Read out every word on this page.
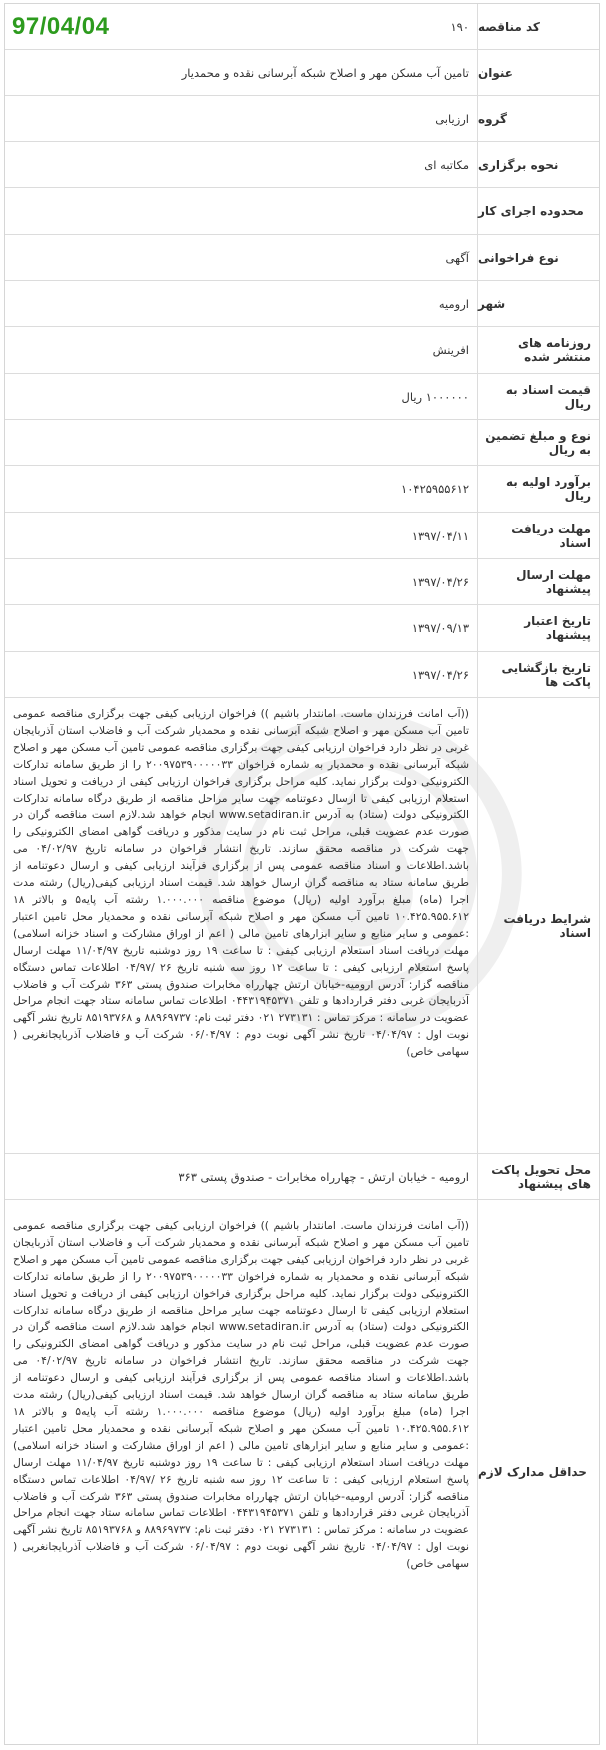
کد مناقصه
۱۹۰
عنوان
تامین آب مسکن مهر و اصلاح شبکه آبرسانی نقده و محمدیار
گروه
ارزیابی
نحوه برگزاری
مکاتبه ای
محدوده اجرای کار
نوع فراخوانی
آگهی
شهر
ارومیه
روزنامه های منتشر شده
افرینش
قیمت اسناد به ریال
۱۰۰۰۰۰۰ ریال
نوع و مبلغ تضمین به ریال
برآورد اولیه به ریال
۱۰۴۲۵۹۵۵۶۱۲
مهلت دریافت اسناد
۱۳۹۷/۰۴/۱۱
مهلت ارسال پیشنهاد
۱۳۹۷/۰۴/۲۶
تاریخ اعتبار پیشنهاد
۱۳۹۷/۰۹/۱۳
تاریخ بازگشایی پاکت ها
۱۳۹۷/۰۴/۲۶
شرایط دریافت اسناد
((آب امانت فرزندان ماست. امانتدار باشیم )) فراخوان ارزیابی کیفی جهت برگزاری مناقصه عمومی تامین آب مسکن مهر و اصلاح شبکه آبرسانی نقده و محمدیار شرکت آب و فاضلاب استان آذربایجان غربی در نظر دارد فراخوان ارزیابی کیفی جهت برگزاری مناقصه عمومی تامین آب مسکن مهر و اصلاح شبکه آبرسانی نقده و محمدیار به شماره فراخوان ۲۰۰۹۷۵۳۹۰۰۰۰۰۳۳ را از طریق سامانه تدارکات الکترونیکی دولت برگزار نماید. کلیه مراحل برگزاری فراخوان ارزیابی کیفی از دریافت و تحویل اسناد استعلام ارزیابی کیفی تا ارسال دعوتنامه جهت سایر مراحل مناقصه از طریق درگاه سامانه تدارکات الکترونیکی دولت (ستاد) به آدرس www.setadiran.ir انجام خواهد شد.لازم است مناقصه گران در صورت عدم عضویت قبلی، مراحل ثبت نام در سایت مذکور و دریافت گواهی امضای الکترونیکی را جهت شرکت در مناقصه محقق سازند. تاریخ انتشار فراخوان در سامانه تاریخ ۰۴/۰۲/۹۷ می باشد.اطلاعات و اسناد مناقصه عمومی پس از برگزاری فرآیند ارزیابی کیفی و ارسال دعوتنامه از طریق سامانه ستاد به مناقصه گران ارسال خواهد شد. قیمت اسناد ارزیابی کیفی(ریال) رشته مدت اجرا (ماه) مبلغ برآورد اولیه (ریال) موضوع مناقصه ۱.۰۰۰.۰۰۰ رشته آب پایه۵ و بالاتر ۱۸ ۱۰.۴۲۵.۹۵۵.۶۱۲ تامین آب مسکن مهر و اصلاح شبکه آبرسانی نقده و محمدیار محل تامین اعتبار :عمومی و سایر منابع و سایر ابزارهای تامین مالی ( اعم از اوراق مشارکت و اسناد خزانه اسلامی) مهلت دریافت اسناد استعلام ارزیابی کیفی : تا ساعت ۱۹ روز دوشنبه تاریخ ۱۱/۰۴/۹۷ مهلت ارسال پاسخ استعلام ارزیابی کیفی : تا ساعت ۱۲ روز سه شنبه تاریخ ۲۶ /۰۴/۹۷ اطلاعات تماس دستگاه مناقصه گزار: آدرس ارومیه-خیابان ارتش چهارراه مخابرات صندوق پستی ۳۶۳ شرکت آب و فاضلاب آذربایجان غربی دفتر قراردادها و تلفن ۰۴۴۳۱۹۴۵۳۷۱ اطلاعات تماس سامانه ستاد جهت انجام مراحل عضویت در سامانه : مرکز تماس : ۲۷۳۱۳۱ ۰۲۱ دفتر ثبت نام: ۸۸۹۶۹۷۳۷ و ۸۵۱۹۳۷۶۸ تاریخ نشر آگهی نوبت اول : ۰۴/۰۴/۹۷ تاریخ نشر آگهی نوبت دوم : ۰۶/۰۴/۹۷ شرکت آب و فاضلاب آذربایجانغربی ( سهامی خاص)
محل تحویل پاکت های پیشنهاد
ارومیه - خیابان ارتش - چهارراه مخابرات - صندوق پستی ۳۶۳
حداقل مدارک لازم
((آب امانت فرزندان ماست. امانتدار باشیم )) فراخوان ارزیابی کیفی جهت برگزاری مناقصه عمومی تامین آب مسکن مهر و اصلاح شبکه آبرسانی نقده و محمدیار شرکت آب و فاضلاب استان آذربایجان غربی در نظر دارد فراخوان ارزیابی کیفی جهت برگزاری مناقصه عمومی تامین آب مسکن مهر و اصلاح شبکه آبرسانی نقده و محمدیار به شماره فراخوان ۲۰۰۹۷۵۳۹۰۰۰۰۰۳۳ را از طریق سامانه تدارکات الکترونیکی دولت برگزار نماید. کلیه مراحل برگزاری فراخوان ارزیابی کیفی از دریافت و تحویل اسناد استعلام ارزیابی کیفی تا ارسال دعوتنامه جهت سایر مراحل مناقصه از طریق درگاه سامانه تدارکات الکترونیکی دولت (ستاد) به آدرس www.setadiran.ir انجام خواهد شد.لازم است مناقصه گران در صورت عدم عضویت قبلی، مراحل ثبت نام در سایت مذکور و دریافت گواهی امضای الکترونیکی را جهت شرکت در مناقصه محقق سازند. تاریخ انتشار فراخوان در سامانه تاریخ ۰۴/۰۲/۹۷ می باشد.اطلاعات و اسناد مناقصه عمومی پس از برگزاری فرآیند ارزیابی کیفی و ارسال دعوتنامه از طریق سامانه ستاد به مناقصه گران ارسال خواهد شد. قیمت اسناد ارزیابی کیفی(ریال) رشته مدت اجرا (ماه) مبلغ برآورد اولیه (ریال) موضوع مناقصه ۱.۰۰۰.۰۰۰ رشته آب پایه۵ و بالاتر ۱۸ ۱۰.۴۲۵.۹۵۵.۶۱۲ تامین آب مسکن مهر و اصلاح شبکه آبرسانی نقده و محمدیار محل تامین اعتبار :عمومی و سایر منابع و سایر ابزارهای تامین مالی ( اعم از اوراق مشارکت و اسناد خزانه اسلامی) مهلت دریافت اسناد استعلام ارزیابی کیفی : تا ساعت ۱۹ روز دوشنبه تاریخ ۱۱/۰۴/۹۷ مهلت ارسال پاسخ استعلام ارزیابی کیفی : تا ساعت ۱۲ روز سه شنبه تاریخ ۲۶ /۰۴/۹۷ اطلاعات تماس دستگاه مناقصه گزار: آدرس ارومیه-خیابان ارتش چهارراه مخابرات صندوق پستی ۳۶۳ شرکت آب و فاضلاب آذربایجان غربی دفتر قراردادها و تلفن ۰۴۴۳۱۹۴۵۳۷۱ اطلاعات تماس سامانه ستاد جهت انجام مراحل عضویت در سامانه : مرکز تماس : ۲۷۳۱۳۱ ۰۲۱ دفتر ثبت نام: ۸۸۹۶۹۷۳۷ و ۸۵۱۹۳۷۶۸ تاریخ نشر آگهی نوبت اول : ۰۴/۰۴/۹۷ تاریخ نشر آگهی نوبت دوم : ۰۶/۰۴/۹۷ شرکت آب و فاضلاب آذربایجانغربی ( سهامی خاص)
97/04/04
